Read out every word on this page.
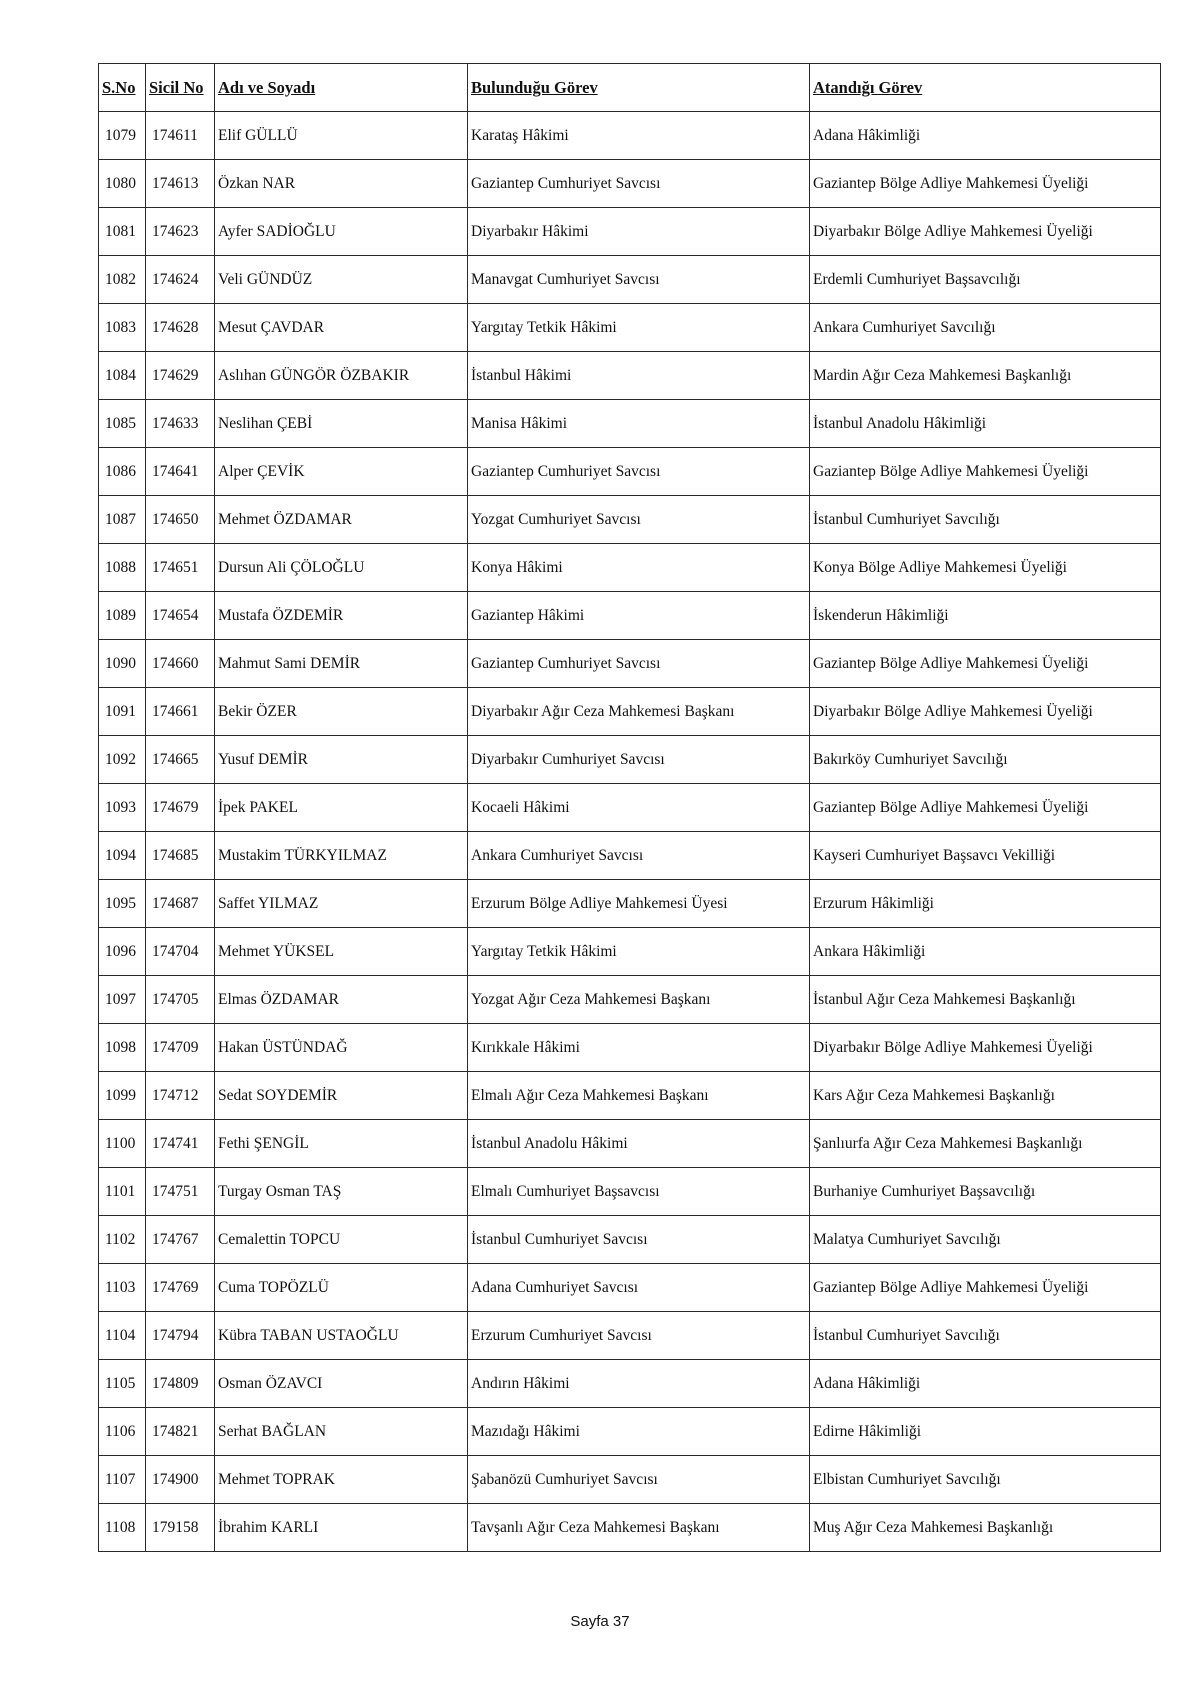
S.No	Sicil No	Adı ve Soyadı	Bulunduğu Görev	Atandığı Görev
1079	174611	Elif GÜLLÜ	Karataş Hâkimi	Adana Hâkimliği
1080	174613	Özkan NAR	Gaziantep Cumhuriyet Savcısı	Gaziantep Bölge Adliye Mahkemesi Üyeliği
1081	174623	Ayfer SADİOĞLU	Diyarbakır Hâkimi	Diyarbakır Bölge Adliye Mahkemesi Üyeliği
1082	174624	Veli GÜNDÜZ	Manavgat Cumhuriyet Savcısı	Erdemli Cumhuriyet Başsavcılığı
1083	174628	Mesut ÇAVDAR	Yargıtay Tetkik Hâkimi	Ankara Cumhuriyet Savcılığı
1084	174629	Aslıhan GÜNGÖR ÖZBAKIR	İstanbul Hâkimi	Mardin Ağır Ceza Mahkemesi Başkanlığı
1085	174633	Neslihan ÇEBİ	Manisa Hâkimi	İstanbul Anadolu Hâkimliği
1086	174641	Alper ÇEVİK	Gaziantep Cumhuriyet Savcısı	Gaziantep Bölge Adliye Mahkemesi Üyeliği
1087	174650	Mehmet ÖZDAMAR	Yozgat Cumhuriyet Savcısı	İstanbul Cumhuriyet Savcılığı
1088	174651	Dursun Ali ÇÖLOĞLU	Konya Hâkimi	Konya Bölge Adliye Mahkemesi Üyeliği
1089	174654	Mustafa ÖZDEMİR	Gaziantep Hâkimi	İskenderun Hâkimliği
1090	174660	Mahmut Sami DEMİR	Gaziantep Cumhuriyet Savcısı	Gaziantep Bölge Adliye Mahkemesi Üyeliği
1091	174661	Bekir ÖZER	Diyarbakır Ağır Ceza Mahkemesi Başkanı	Diyarbakır Bölge Adliye Mahkemesi Üyeliği
1092	174665	Yusuf DEMİR	Diyarbakır Cumhuriyet Savcısı	Bakırköy Cumhuriyet Savcılığı
1093	174679	İpek PAKEL	Kocaeli Hâkimi	Gaziantep Bölge Adliye Mahkemesi Üyeliği
1094	174685	Mustakim TÜRKYILMAZ	Ankara Cumhuriyet Savcısı	Kayseri Cumhuriyet Başsavcı Vekilliği
1095	174687	Saffet YILMAZ	Erzurum Bölge Adliye Mahkemesi Üyesi	Erzurum Hâkimliği
1096	174704	Mehmet YÜKSEL	Yargıtay Tetkik Hâkimi	Ankara Hâkimliği
1097	174705	Elmas ÖZDAMAR	Yozgat Ağır Ceza Mahkemesi Başkanı	İstanbul Ağır Ceza Mahkemesi Başkanlığı
1098	174709	Hakan ÜSTÜNDAĞ	Kırıkkale Hâkimi	Diyarbakır Bölge Adliye Mahkemesi Üyeliği
1099	174712	Sedat SOYDEMİR	Elmalı Ağır Ceza Mahkemesi Başkanı	Kars Ağır Ceza Mahkemesi Başkanlığı
1100	174741	Fethi ŞENGİL	İstanbul Anadolu Hâkimi	Şanlıurfa Ağır Ceza Mahkemesi Başkanlığı
1101	174751	Turgay Osman TAŞ	Elmalı Cumhuriyet Başsavcısı	Burhaniye Cumhuriyet Başsavcılığı
1102	174767	Cemalettin TOPCU	İstanbul Cumhuriyet Savcısı	Malatya Cumhuriyet Savcılığı
1103	174769	Cuma TOPÖZLÜ	Adana Cumhuriyet Savcısı	Gaziantep Bölge Adliye Mahkemesi Üyeliği
1104	174794	Kübra TABAN USTAOĞLU	Erzurum Cumhuriyet Savcısı	İstanbul Cumhuriyet Savcılığı
1105	174809	Osman ÖZAVCI	Andırın Hâkimi	Adana Hâkimliği
1106	174821	Serhat BAĞLAN	Mazıdağı Hâkimi	Edirne Hâkimliği
1107	174900	Mehmet TOPRAK	Şabanözü Cumhuriyet Savcısı	Elbistan Cumhuriyet Savcılığı
1108	179158	İbrahim KARLI	Tavşanlı Ağır Ceza Mahkemesi Başkanı	Muş Ağır Ceza Mahkemesi Başkanlığı
Sayfa 37
